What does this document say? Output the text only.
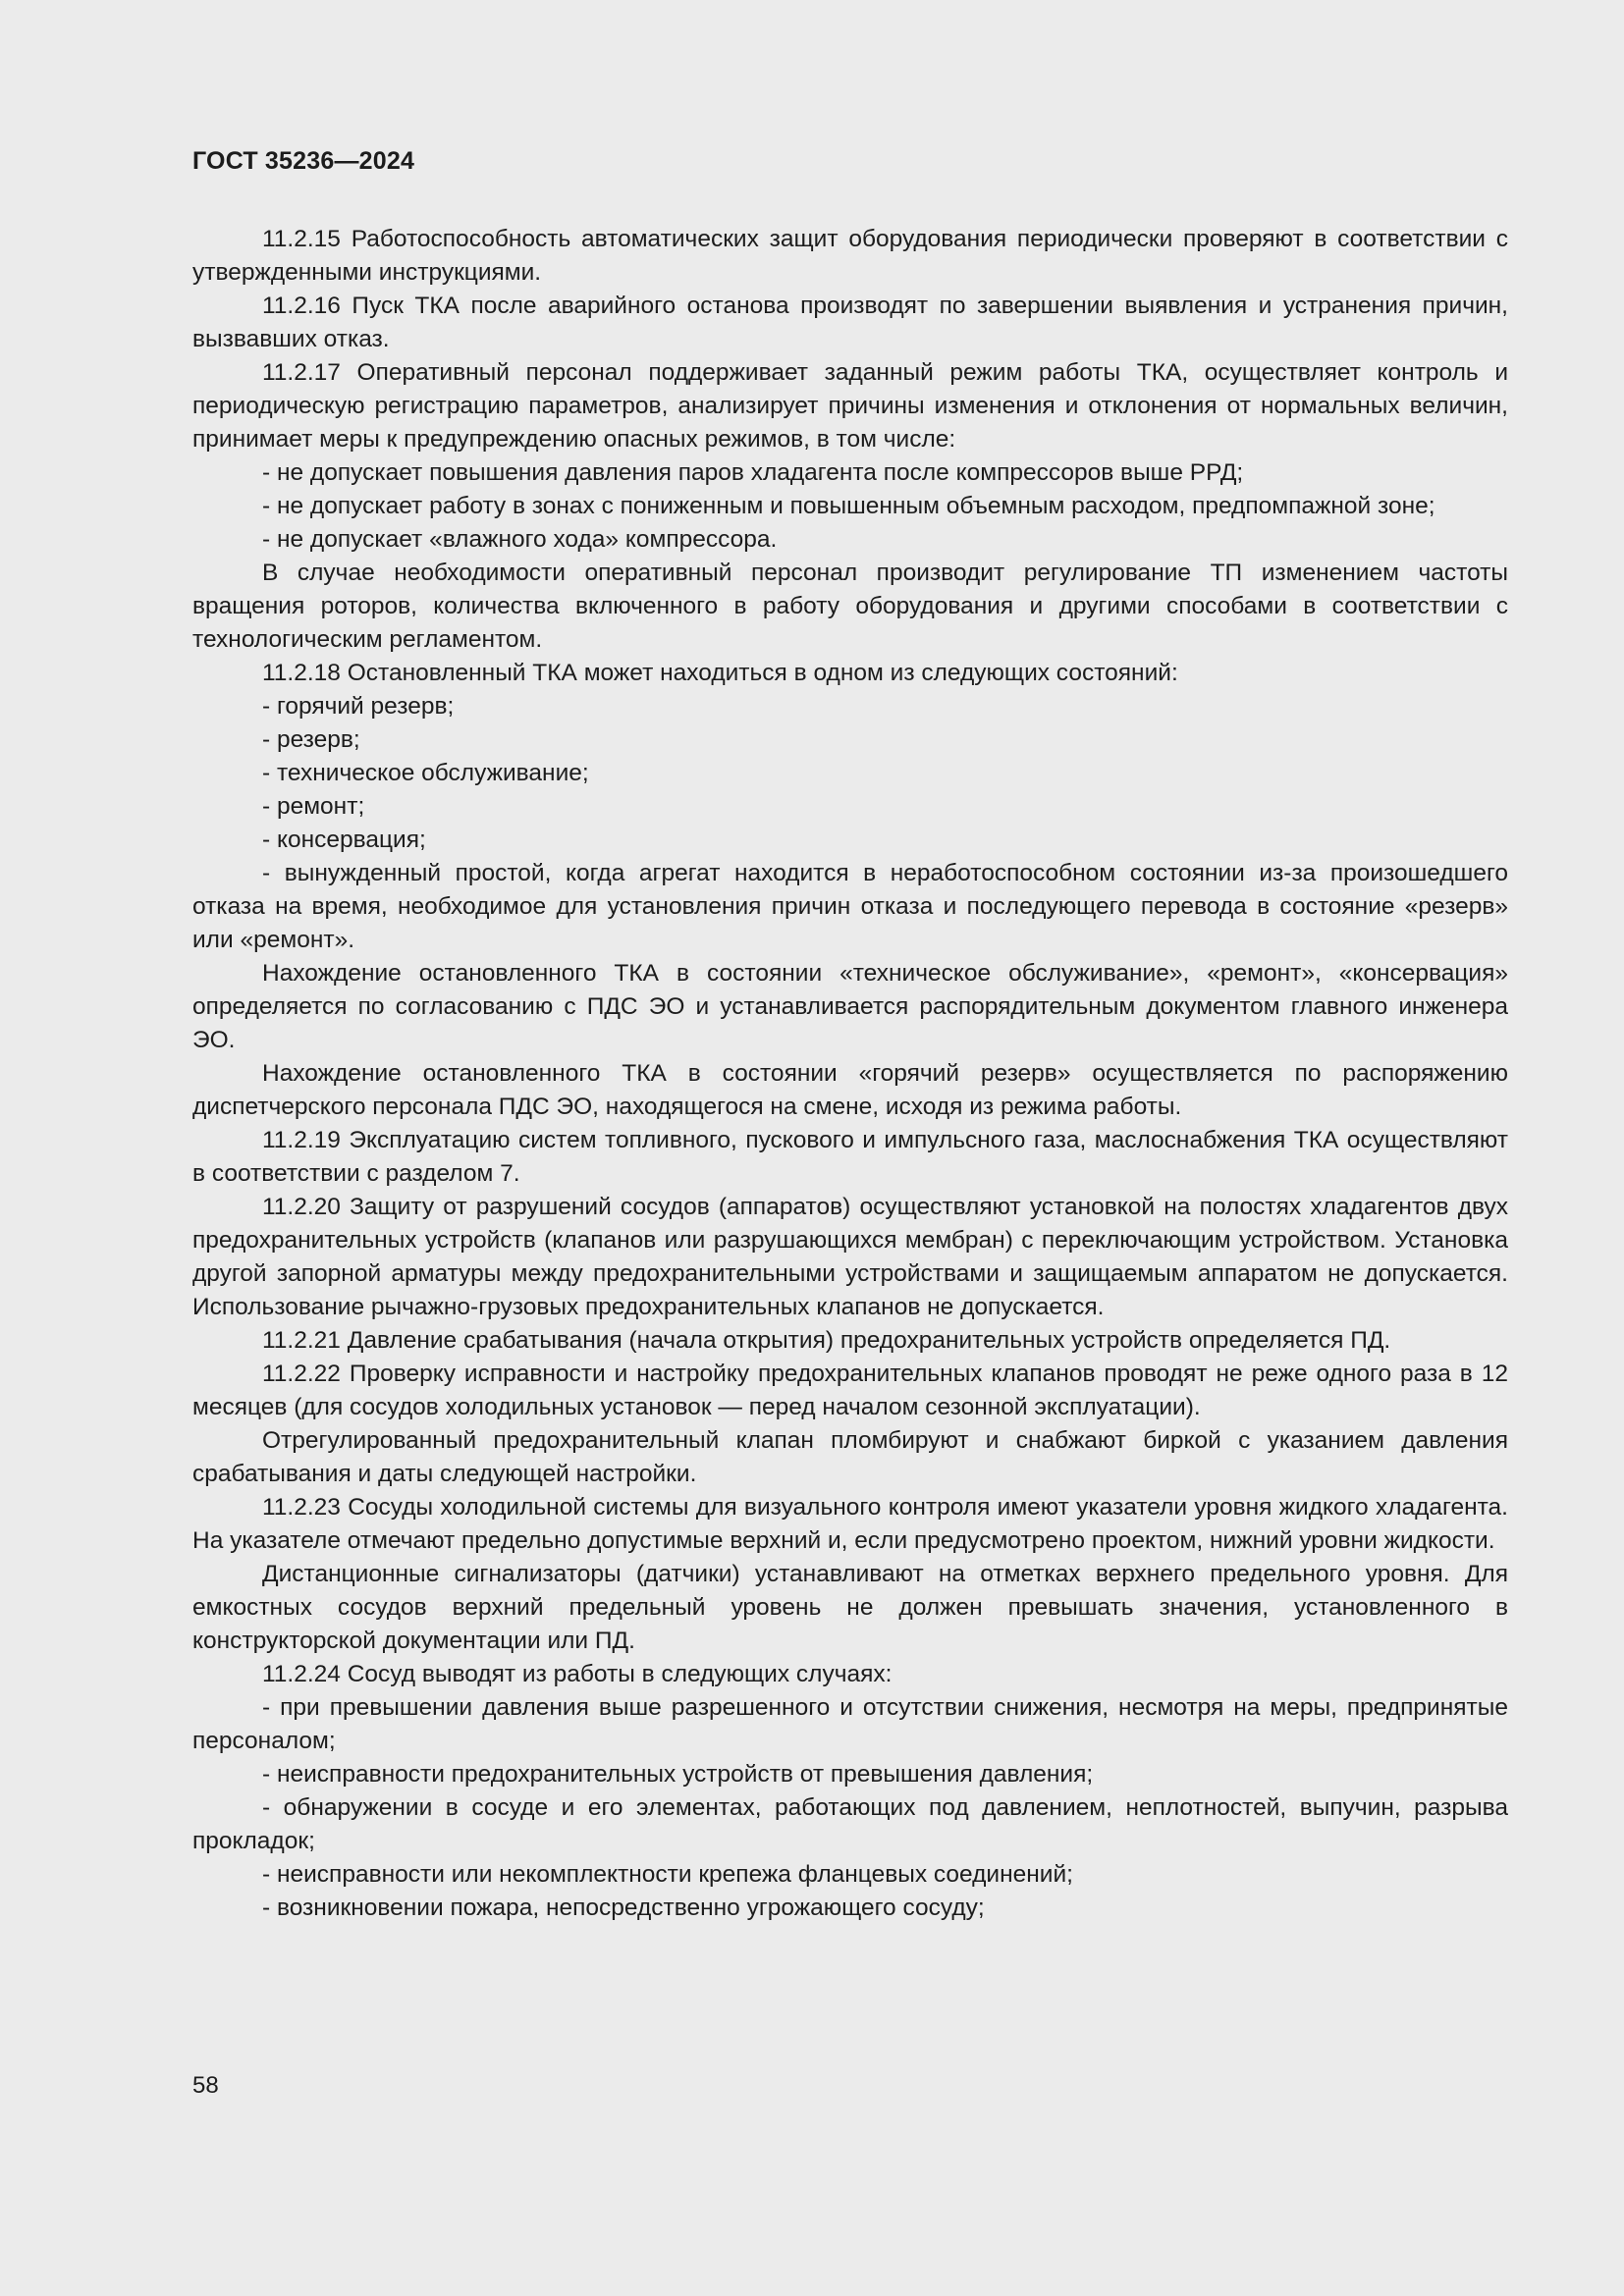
ГОСТ 35236—2024

11.2.15 Работоспособность автоматических защит оборудования периодически проверяют в соответствии с утвержденными инструкциями.

11.2.16 Пуск ТКА после аварийного останова производят по завершении выявления и устранения причин, вызвавших отказ.

11.2.17 Оперативный персонал поддерживает заданный режим работы ТКА, осуществляет контроль и периодическую регистрацию параметров, анализирует причины изменения и отклонения от нормальных величин, принимает меры к предупреждению опасных режимов, в том числе:

- не допускает повышения давления паров хладагента после компрессоров выше РРД;

- не допускает работу в зонах с пониженным и повышенным объемным расходом, предпомпажной зоне;

- не допускает «влажного хода» компрессора.

В случае необходимости оперативный персонал производит регулирование ТП изменением частоты вращения роторов, количества включенного в работу оборудования и другими способами в соответствии с технологическим регламентом.

11.2.18 Остановленный ТКА может находиться в одном из следующих состояний:

- горячий резерв;

- резерв;

- техническое обслуживание;

- ремонт;

- консервация;

- вынужденный простой, когда агрегат находится в неработоспособном состоянии из-за произошедшего отказа на время, необходимое для установления причин отказа и последующего перевода в состояние «резерв» или «ремонт».

Нахождение остановленного ТКА в состоянии «техническое обслуживание», «ремонт», «консервация» определяется по согласованию с ПДС ЭО и устанавливается распорядительным документом главного инженера ЭО.

Нахождение остановленного ТКА в состоянии «горячий резерв» осуществляется по распоряжению диспетчерского персонала ПДС ЭО, находящегося на смене, исходя из режима работы.

11.2.19 Эксплуатацию систем топливного, пускового и импульсного газа, маслоснабжения ТКА осуществляют в соответствии с разделом 7.

11.2.20 Защиту от разрушений сосудов (аппаратов) осуществляют установкой на полостях хладагентов двух предохранительных устройств (клапанов или разрушающихся мембран) с переключающим устройством. Установка другой запорной арматуры между предохранительными устройствами и защищаемым аппаратом не допускается. Использование рычажно-грузовых предохранительных клапанов не допускается.

11.2.21 Давление срабатывания (начала открытия) предохранительных устройств определяется ПД.

11.2.22 Проверку исправности и настройку предохранительных клапанов проводят не реже одного раза в 12 месяцев (для сосудов холодильных установок — перед началом сезонной эксплуатации).

Отрегулированный предохранительный клапан пломбируют и снабжают биркой с указанием давления срабатывания и даты следующей настройки.

11.2.23 Сосуды холодильной системы для визуального контроля имеют указатели уровня жидкого хладагента. На указателе отмечают предельно допустимые верхний и, если предусмотрено проектом, нижний уровни жидкости.

Дистанционные сигнализаторы (датчики) устанавливают на отметках верхнего предельного уровня. Для емкостных сосудов верхний предельный уровень не должен превышать значения, установленного в конструкторской документации или ПД.

11.2.24 Сосуд выводят из работы в следующих случаях:

- при превышении давления выше разрешенного и отсутствии снижения, несмотря на меры, предпринятые персоналом;

- неисправности предохранительных устройств от превышения давления;

- обнаружении в сосуде и его элементах, работающих под давлением, неплотностей, выпучин, разрыва прокладок;

- неисправности или некомплектности крепежа фланцевых соединений;

- возникновении пожара, непосредственно угрожающего сосуду;

58
